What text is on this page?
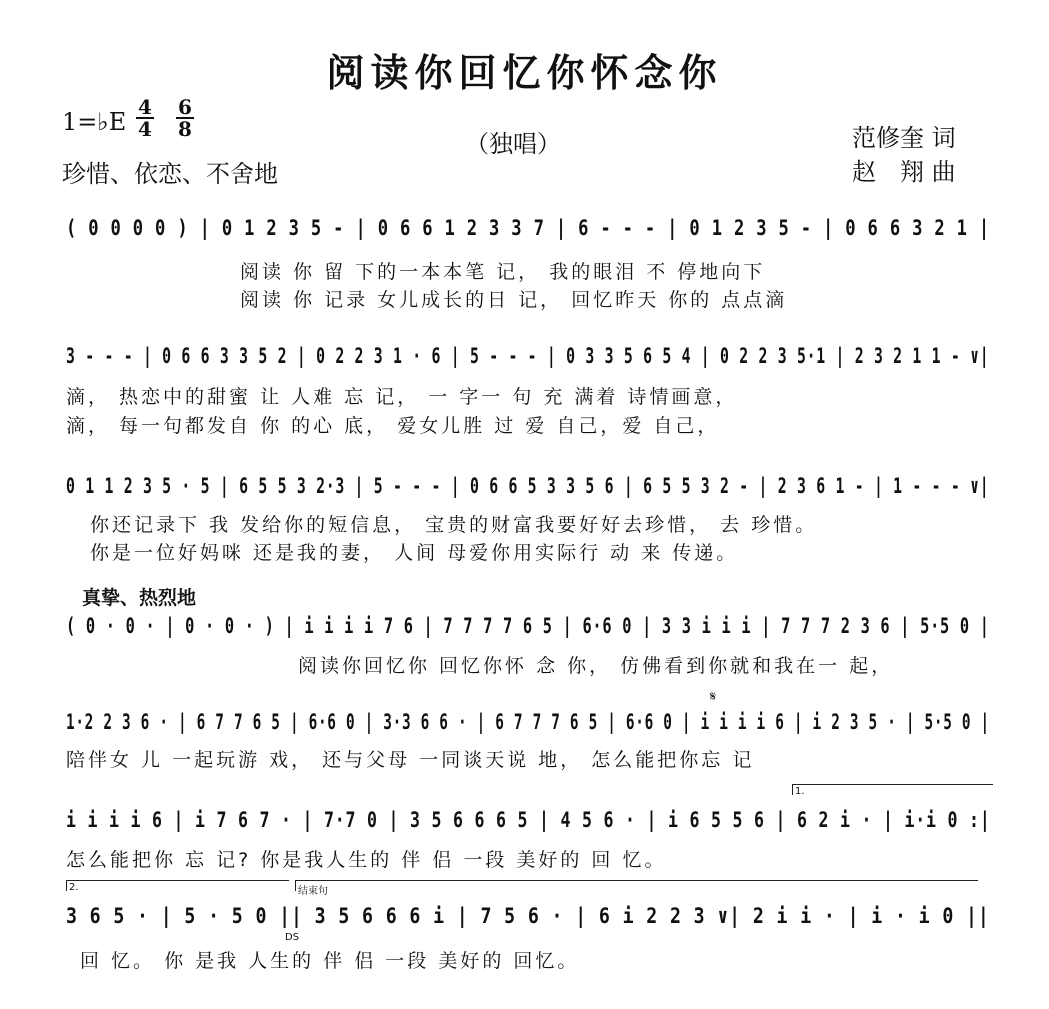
阅读你回忆你怀念你
1=♭E
4
4
6
8
（独唱）	范修奎 词
赵　翔 曲
珍惜、依恋、不舍地
( 0 0 0 0 ) | 0 1 2 3 5 - | 0 6 6 1 2 3 3 7 | 6 - - - | 0 1 2 3 5 - | 0 6 6 3 2 1 |
阅读 你 留 下的一本本笔 记， 我的眼泪 不 停地向下
阅读 你 记录 女儿成长的日 记， 回忆昨天 你的 点点滴
3 - - - | 0 6 6 3 3 5 2 | 0 2 2 3 1 · 6 | 5 - - - | 0 3 3 5 6 5 4 | 0 2 2 3 5·1 | 2 3 2 1 1 - ∨|
滴， 热恋中的甜蜜 让 人难 忘 记， 一 字一 句 充 满着 诗情画意，
滴， 每一句都发自 你 的心 底， 爱女儿胜 过 爱 自己，爱 自己，
0 1 1 2 3 5 · 5 | 6 5 5 3 2·3 | 5 - - - | 0 6 6 5 3 3 5 6 | 6 5 5 3 2 - | 2 3 6 1 - | 1 - - - ∨|
你还记录下 我 发给你的短信息， 宝贵的财富我要好好去珍惜， 去 珍惜。
你是一位好妈咪 还是我的妻， 人间 母爱你用实际行 动 来 传递。
真挚、热烈地
( 0 · 0 · | 0 · 0 · ) | i i i i 7 6 | 7 7 7 7 6 5 | 6·6 0 | 3 3 i i i | 7 7 7 2 3 6 | 5·5 0 |
阅读你回忆你 回忆你怀 念 你， 仿佛看到你就和我在一 起，
𝄋
1·2 2 3 6 · | 6 7 7 6 5 | 6·6 0 | 3·3 6 6 · | 6 7 7 7 6 5 | 6·6 0 | i i i i 6 | i 2 3 5 · | 5·5 0 |
陪伴女 儿 一起玩游 戏， 还与父母 一同谈天说 地， 怎么能把你忘 记
1.
i i i i 6 | i 7 6 7 · | 7·7 0 | 3 5 6 6 6 5 | 4 5 6 · | i 6 5 5 6 | 6 2 i · | i·i 0 :|
怎么能把你 忘 记? 你是我人生的 伴 侣 一段 美好的 回 忆。
2.	结束句
3 6 5 · | 5 · 5 0 || 3 5 6 6 6 i | 7 5 6 · | 6 i 2 2 3 ∨| 2 i i · | i · i 0 ||
DS
回 忆。 你 是我 人生的 伴 侣 一段 美好的 回忆。
